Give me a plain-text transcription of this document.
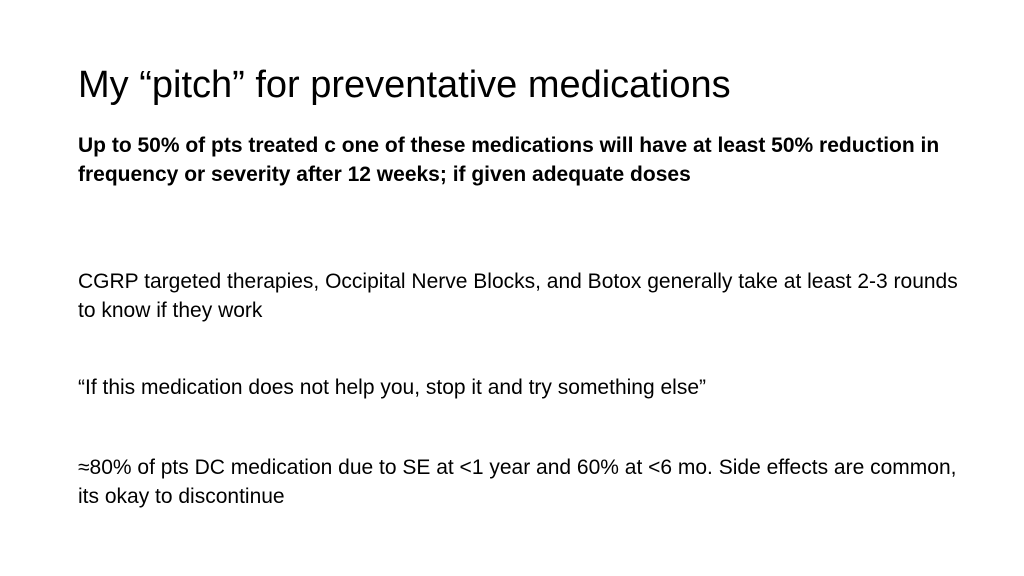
My “pitch” for preventative medications

Up to 50% of pts treated c one of these medications will have at least 50% reduction in frequency or severity after 12 weeks; if given adequate doses

CGRP targeted therapies, Occipital Nerve Blocks, and Botox generally take at least 2-3 rounds to know if they work

“If this medication does not help you, stop it and try something else”

≈80% of pts DC medication due to SE at <1 year and 60% at <6 mo. Side effects are common, its okay to discontinue
